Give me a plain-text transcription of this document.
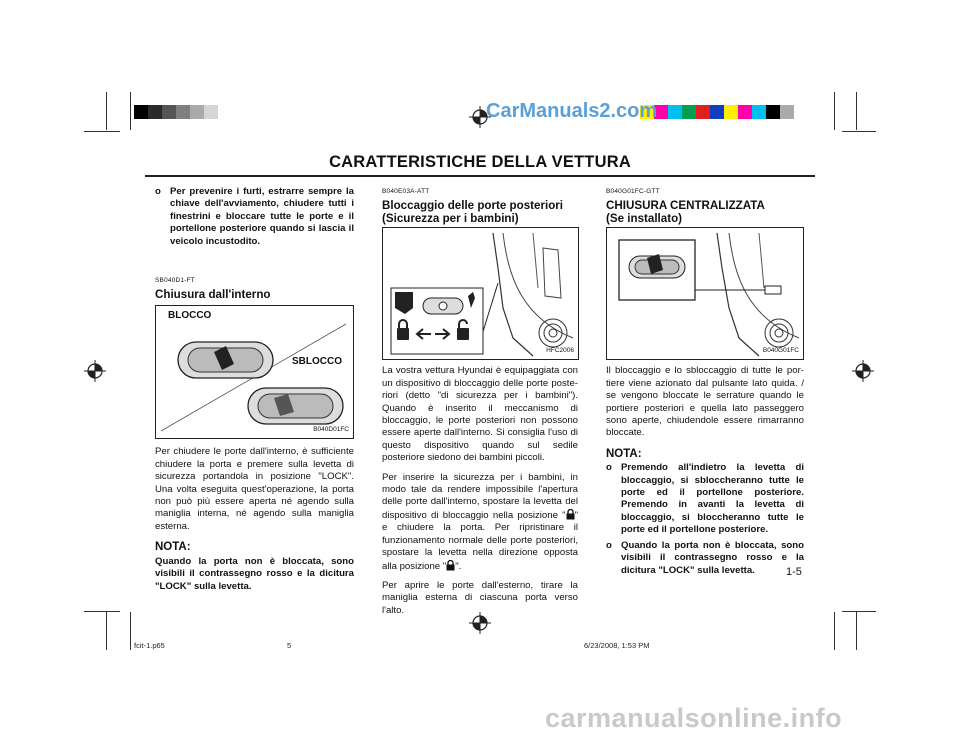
CarManuals2.com
CARATTERISTICHE DELLA VETTURA
o Per prevenire i furti, estrarre sempre la chiave dell'avviamento, chiudere tutti i finestrini e bloccare tutte le porte e il portellone posteriore quando si lascia il veicolo incustodito.
SB040D1-FT
Chiusura dall'interno
BLOCCO
SBLOCCO
B040D01FC

Per chiudere le porte dall'interno, è sufficiente chiudere la porta e premere sulla levetta di sicurezza portandola in posizione "LOCK". Una volta eseguita quest'operazione, la porta non può più essere aperta né agendo sulla maniglia interna, né agendo sulla maniglia esterna.

NOTA:
Quando la porta non è bloccata, sono visibili il contrassegno rosso e la dicitura "LOCK" sulla levetta.
B040E03A-ATT
Bloccaggio delle porte posteriori
(Sicurezza per i bambini)
HFC2006

La vostra vettura Hyundai è equipaggiata con un dispositivo di bloccaggio delle porte poste-riori (detto "di sicurezza per i bambini"). Quando è inserito il meccanismo di bloccaggio, le porte posteriori non possono essere aperte dall'interno. Si consiglia l'uso di questo dispositivo quando sul sedile posteriore siedono dei bambini piccoli.

Per inserire la sicurezza per i bambini, in modo tale da rendere impossibile l'apertura delle porte dall'interno, spostare la levetta del dispositivo di bloccaggio nella posizione " " e chiudere la porta. Per ripristinare il funzionamento normale delle porte posteriori, spostare la levetta nella direzione opposta alla posizione " ".

Per aprire le porte dall'esterno, tirare la maniglia esterna di ciascuna porta verso l'alto.

B040G01FC-GTT
CHIUSURA CENTRALIZZATA
(Se installato)
B040G01FC

Il bloccaggio e lo sbloccaggio di tutte le por-tiere viene azionato dal pulsante lato quida. / se vengono bloccate le serrature quando le portiere posteriori e quella lato passeggero sono aperte, chiudendole essere rimarranno bloccate.

NOTA:
o Premendo all'indietro la levetta di bloccaggio, si sbloccheranno tutte le porte ed il portellone posteriore. Premendo in avanti la levetta di bloccaggio, si bloccheranno tutte le porte ed il portellone posteriore.
o Quando la porta non è bloccata, sono visibili il contrassegno rosso e la dicitura "LOCK" sulla levetta.	1-5
fcit-1.p65	5	6/23/2008, 1:53 PM
carmanualsonline.info
